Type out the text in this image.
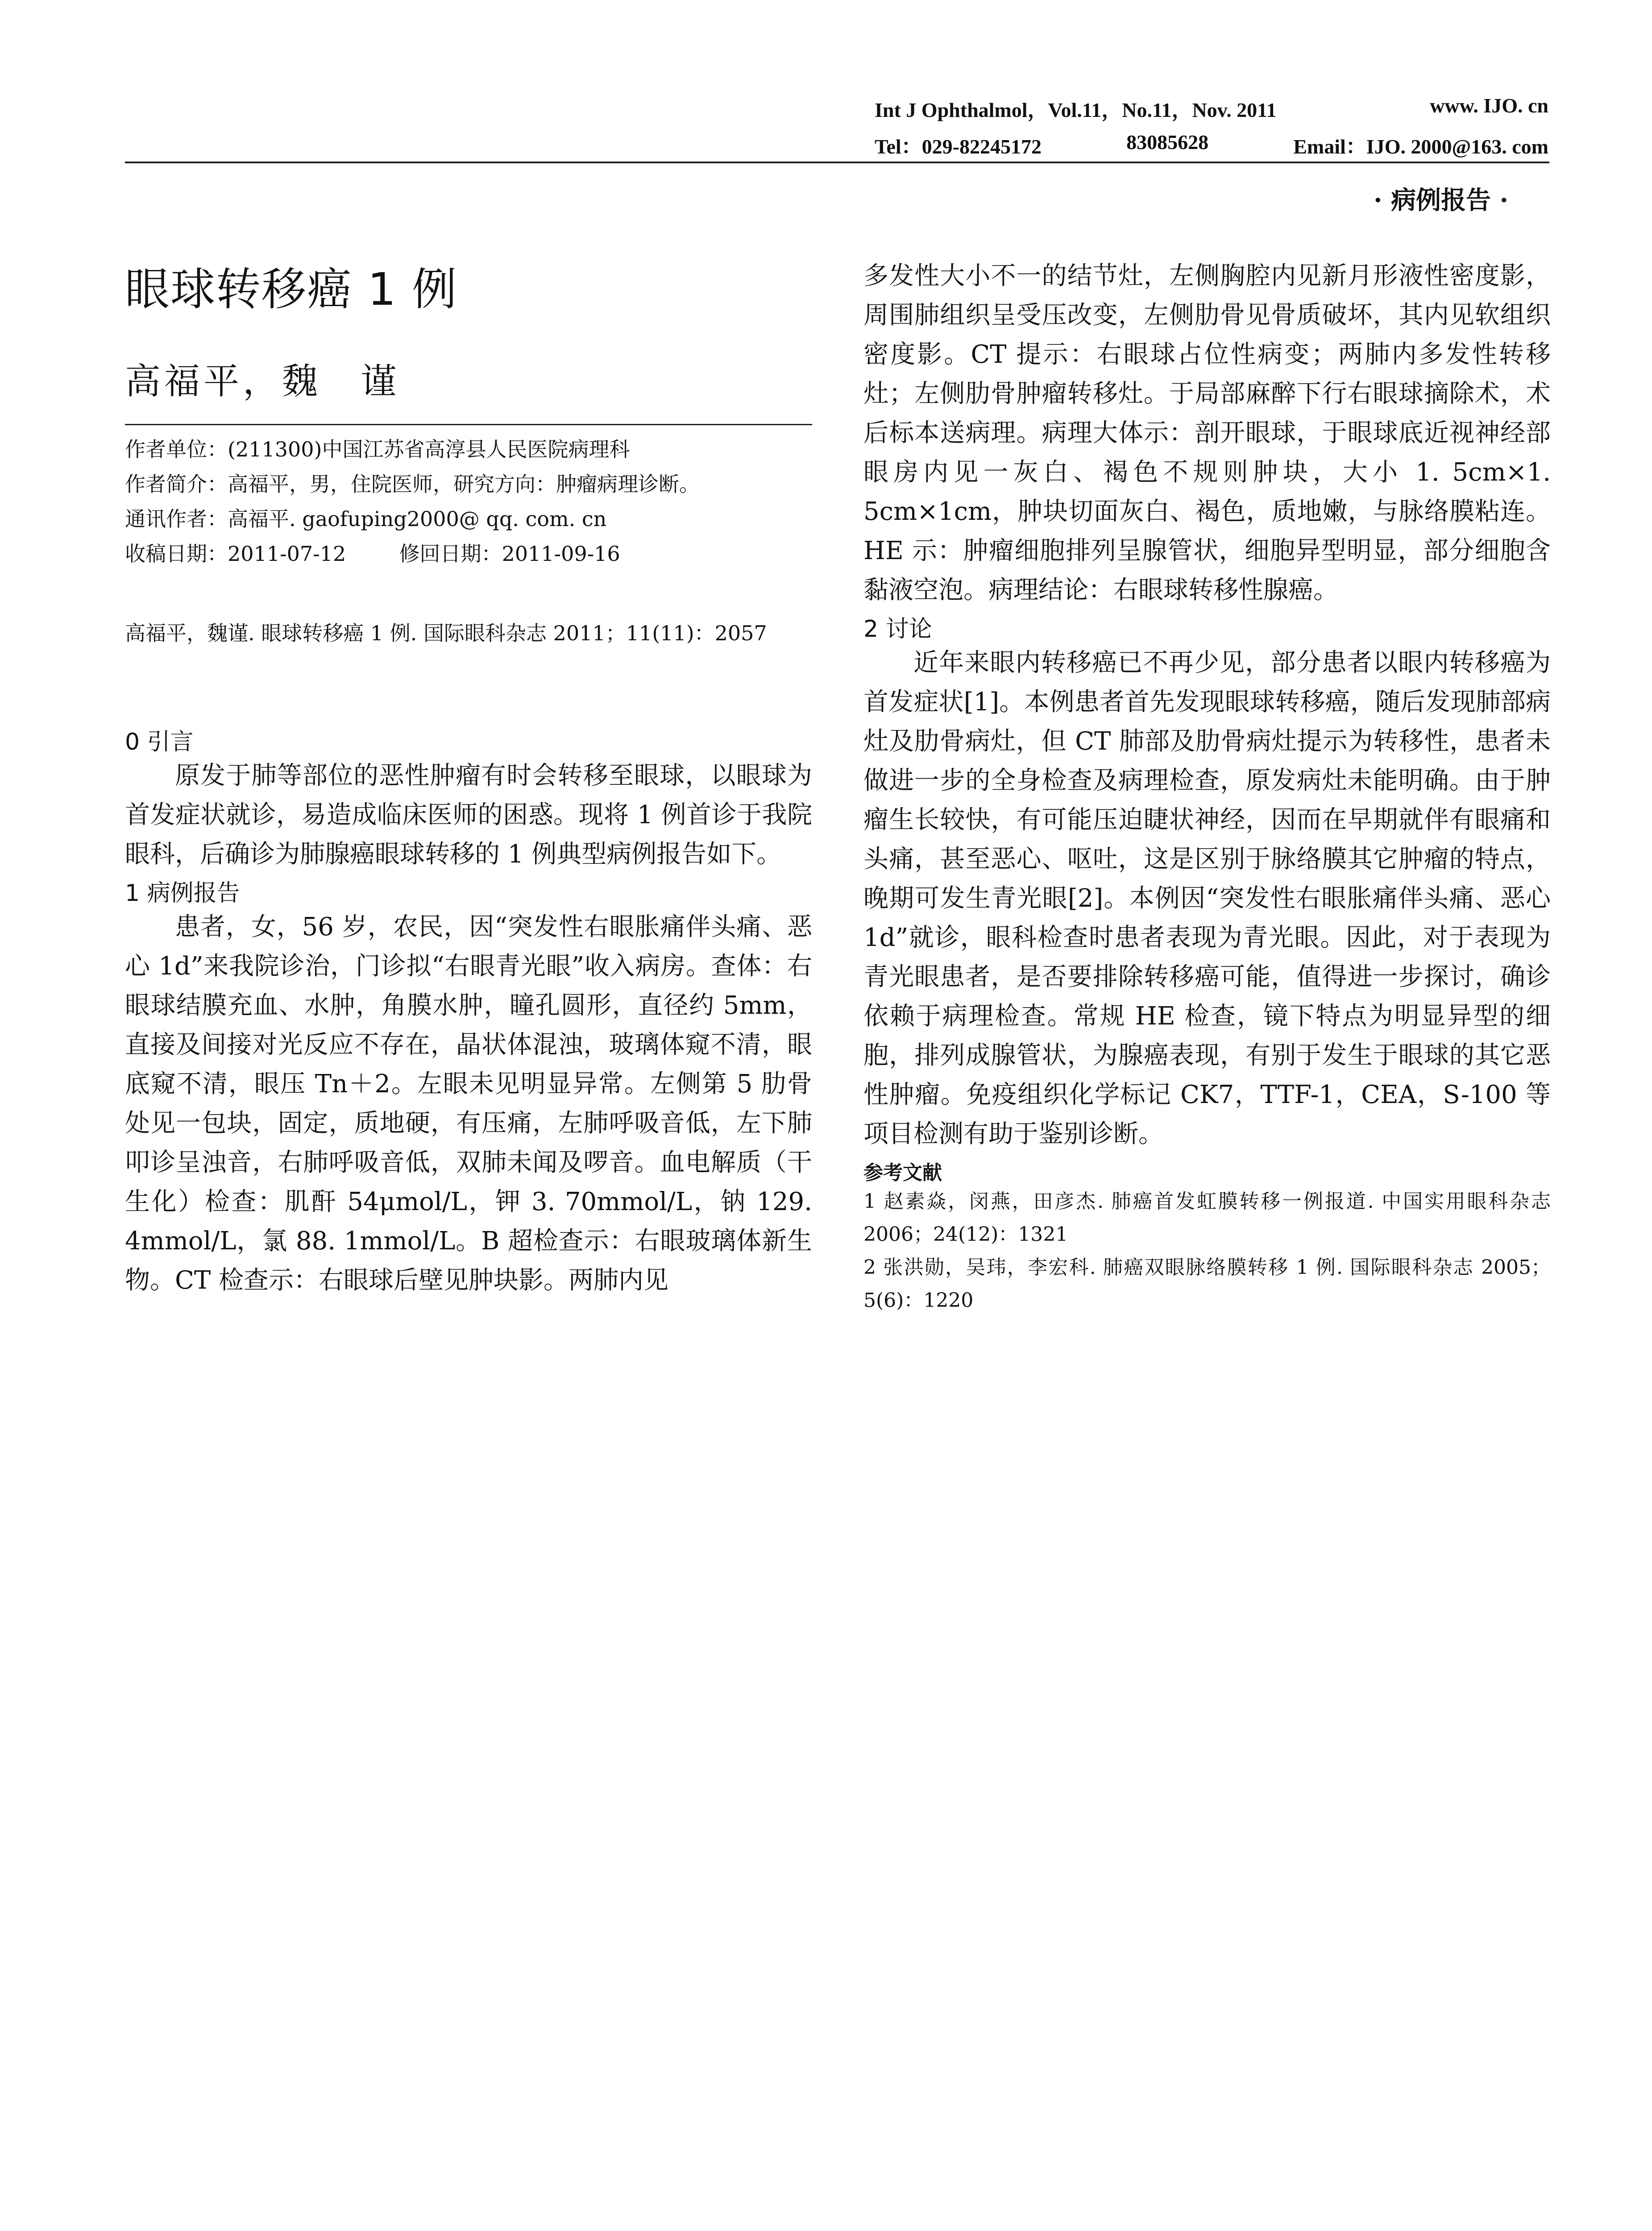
Int J Ophthalmol，Vol.11，No.11，Nov. 2011	www. IJO. cn
Tel：029-82245172	83085628	Email：IJO. 2000@163. com
· 病例报告 ·
眼球转移癌 1 例
高福平，魏　谨
作者单位：(211300)中国江苏省高淳县人民医院病理科
作者简介：高福平，男，住院医师，研究方向：肿瘤病理诊断。
通讯作者：高福平. gaofuping2000@ qq. com. cn
收稿日期：2011-07-12	修回日期：2011-09-16
高福平，魏谨. 眼球转移癌 1 例. 国际眼科杂志 2011；11(11)：2057
0 引言

原发于肺等部位的恶性肿瘤有时会转移至眼球，以眼球为首发症状就诊，易造成临床医师的困惑。现将 1 例首诊于我院眼科，后确诊为肺腺癌眼球转移的 1 例典型病例报告如下。

1 病例报告

患者，女，56 岁，农民，因“突发性右眼胀痛伴头痛、恶心 1d”来我院诊治，门诊拟“右眼青光眼”收入病房。查体：右眼球结膜充血、水肿，角膜水肿，瞳孔圆形，直径约 5mm，直接及间接对光反应不存在，晶状体混浊，玻璃体窥不清，眼底窥不清，眼压 Tn＋2。左眼未见明显异常。左侧第 5 肋骨处见一包块，固定，质地硬，有压痛，左肺呼吸音低，左下肺叩诊呈浊音，右肺呼吸音低，双肺未闻及啰音。血电解质（干生化）检查：肌酐 54μmol/L，钾 3. 70mmol/L，钠 129. 4mmol/L，氯 88. 1mmol/L。B 超检查示：右眼玻璃体新生物。CT 检查示：右眼球后壁见肿块影。两肺内见

多发性大小不一的结节灶，左侧胸腔内见新月形液性密度影，周围肺组织呈受压改变，左侧肋骨见骨质破坏，其内见软组织密度影。CT 提示：右眼球占位性病变；两肺内多发性转移灶；左侧肋骨肿瘤转移灶。于局部麻醉下行右眼球摘除术，术后标本送病理。病理大体示：剖开眼球，于眼球底近视神经部眼房内见一灰白、褐色不规则肿块，大小 1. 5cm×1. 5cm×1cm，肿块切面灰白、褐色，质地嫩，与脉络膜粘连。HE 示：肿瘤细胞排列呈腺管状，细胞异型明显，部分细胞含黏液空泡。病理结论：右眼球转移性腺癌。

2 讨论

近年来眼内转移癌已不再少见，部分患者以眼内转移癌为首发症状[1]。本例患者首先发现眼球转移癌，随后发现肺部病灶及肋骨病灶，但 CT 肺部及肋骨病灶提示为转移性，患者未做进一步的全身检查及病理检查，原发病灶未能明确。由于肿瘤生长较快，有可能压迫睫状神经，因而在早期就伴有眼痛和头痛，甚至恶心、呕吐，这是区别于脉络膜其它肿瘤的特点，晚期可发生青光眼[2]。本例因“突发性右眼胀痛伴头痛、恶心 1d”就诊，眼科检查时患者表现为青光眼。因此，对于表现为青光眼患者，是否要排除转移癌可能，值得进一步探讨，确诊依赖于病理检查。常规 HE 检查，镜下特点为明显异型的细胞，排列成腺管状，为腺癌表现，有别于发生于眼球的其它恶性肿瘤。免疫组织化学标记 CK7，TTF-1，CEA，S-100 等项目检测有助于鉴别诊断。

参考文献
1 赵素焱，闵燕，田彦杰. 肺癌首发虹膜转移一例报道. 中国实用眼科杂志 2006；24(12)：1321
2 张洪勋，吴玮，李宏科. 肺癌双眼脉络膜转移 1 例. 国际眼科杂志 2005；5(6)：1220
